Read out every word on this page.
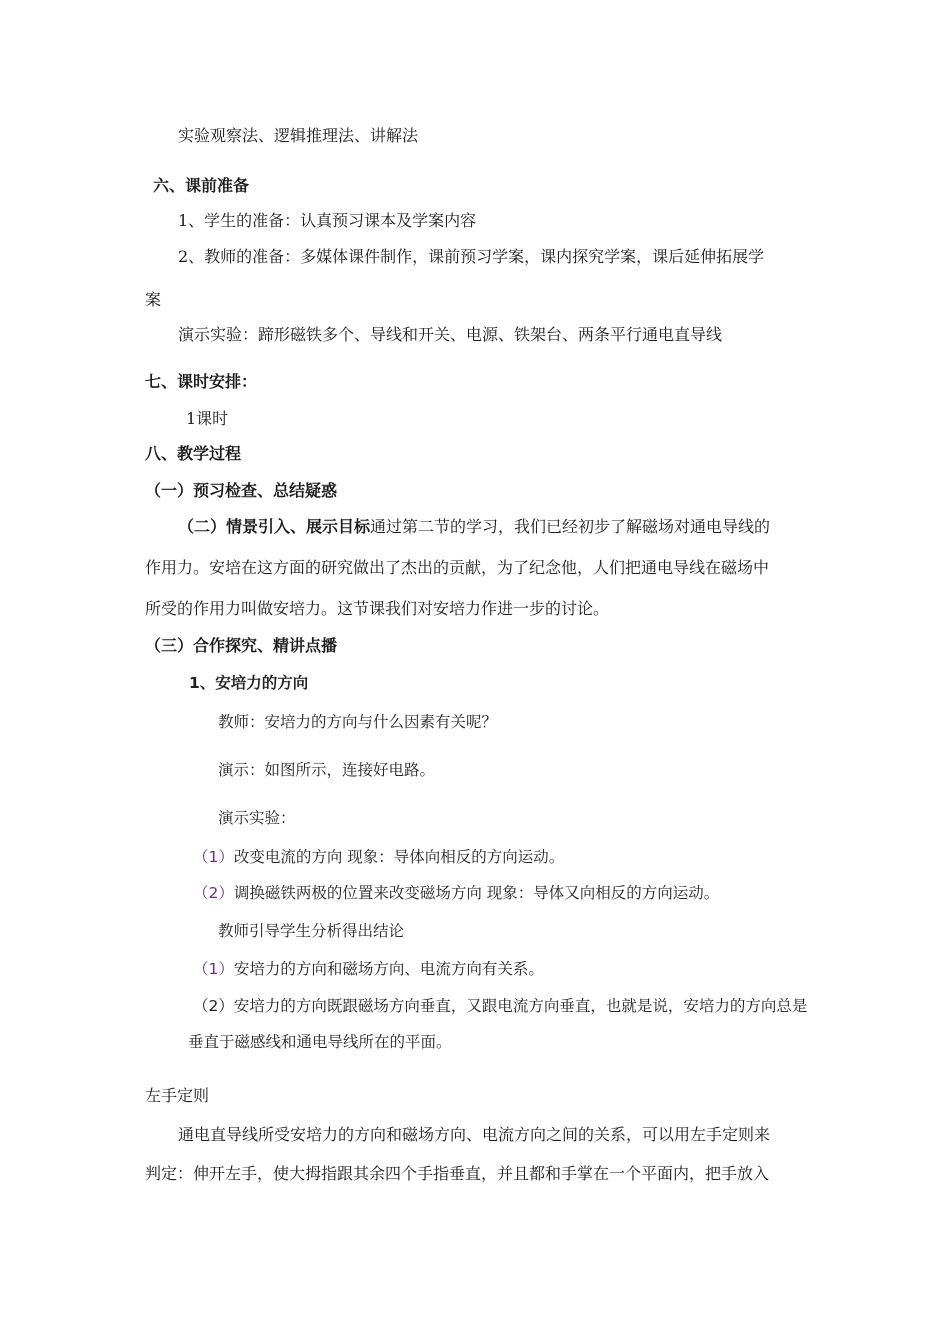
实验观察法、逻辑推理法、讲解法
六、课前准备
1、学生的准备：认真预习课本及学案内容
2、教师的准备：多媒体课件制作，课前预习学案，课内探究学案，课后延伸拓展学
案
演示实验：蹄形磁铁多个、导线和开关、电源、铁架台、两条平行通电直导线
七、课时安排：
1课时
八、教学过程
（一）预习检查、总结疑惑
（二）情景引入、展示目标通过第二节的学习，我们已经初步了解磁场对通电导线的
作用力。安培在这方面的研究做出了杰出的贡献，为了纪念他，人们把通电导线在磁场中
所受的作用力叫做安培力。这节课我们对安培力作进一步的讨论。
（三）合作探究、精讲点播
1、安培力的方向
教师：安培力的方向与什么因素有关呢？
演示：如图所示，连接好电路。
演示实验：
（1）改变电流的方向 现象：导体向相反的方向运动。
（2）调换磁铁两极的位置来改变磁场方向 现象：导体又向相反的方向运动。
教师引导学生分析得出结论
（1）安培力的方向和磁场方向、电流方向有关系。
（2）安培力的方向既跟磁场方向垂直，又跟电流方向垂直，也就是说，安培力的方向总是
垂直于磁感线和通电导线所在的平面。
左手定则
通电直导线所受安培力的方向和磁场方向、电流方向之间的关系，可以用左手定则来
判定：伸开左手，使大拇指跟其余四个手指垂直，并且都和手掌在一个平面内，把手放入
